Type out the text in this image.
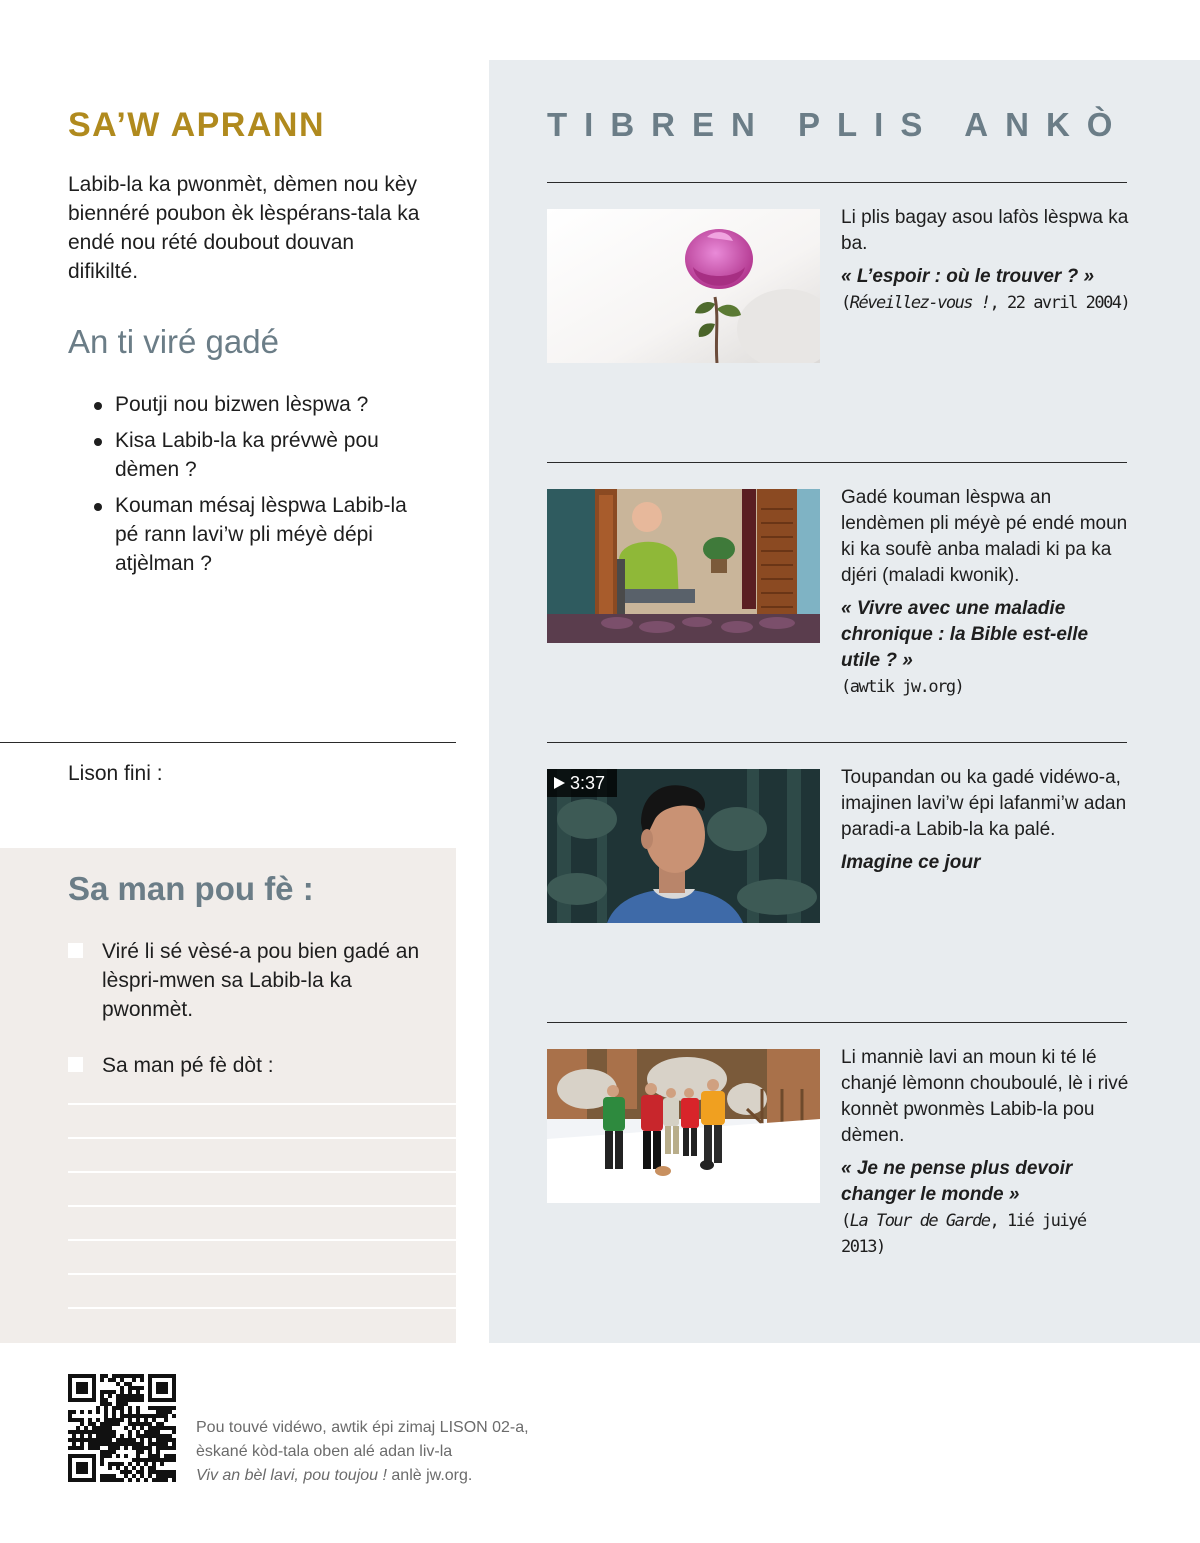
SA’W APRANN

Labib-la ka pwonmèt, dèmen nou kèy biennéré poubon èk lèspérans-tala ka endé nou rété doubout douvan difikilté.

An ti viré gadé
Poutji nou bizwen lèspwa ?
Kisa Labib-la ka prévwè pou dèmen ?
Kouman mésaj lèspwa Labib-la pé rann lavi’w pli méyè dépi atjèlman ?
Lison fini :
Sa man pou fè :
Viré li sé vèsé-a pou bien gadé an lèspri-mwen sa Labib-la ka pwonmèt.
Sa man pé fè dòt :
TIBREN PLIS ANKÒ

Li plis bagay asou lafòs lèspwa ka ba.

« L’espoir : où le trouver ? »

(Réveillez-vous !, 22 avril 2004)

Gadé kouman lèspwa an lendèmen pli méyè pé endé moun ki ka soufè anba maladi ki pa ka djéri (maladi kwonik).

« Vivre avec une maladie chronique : la Bible est-elle utile ? »

(awtik jw.org)

3:37	Toupandan ou ka gadé vidéwo-a, imajinen lavi’w épi lafanmi’w adan paradi-a Labib-la ka palé.

Imagine ce jour

Li manniè lavi an moun ki té lé chanjé lèmonn chouboulé, lè i rivé konnèt pwonmès Labib-la pou dèmen.

« Je ne pense plus devoir changer le monde »

(La Tour de Garde, 1ié juiyé 2013)

Pou touvé vidéwo, awtik épi zimaj LISON 02-a,

èskané kòd-tala oben alé adan liv-la

Viv an bèl lavi, pou toujou ! anlè jw.org.
